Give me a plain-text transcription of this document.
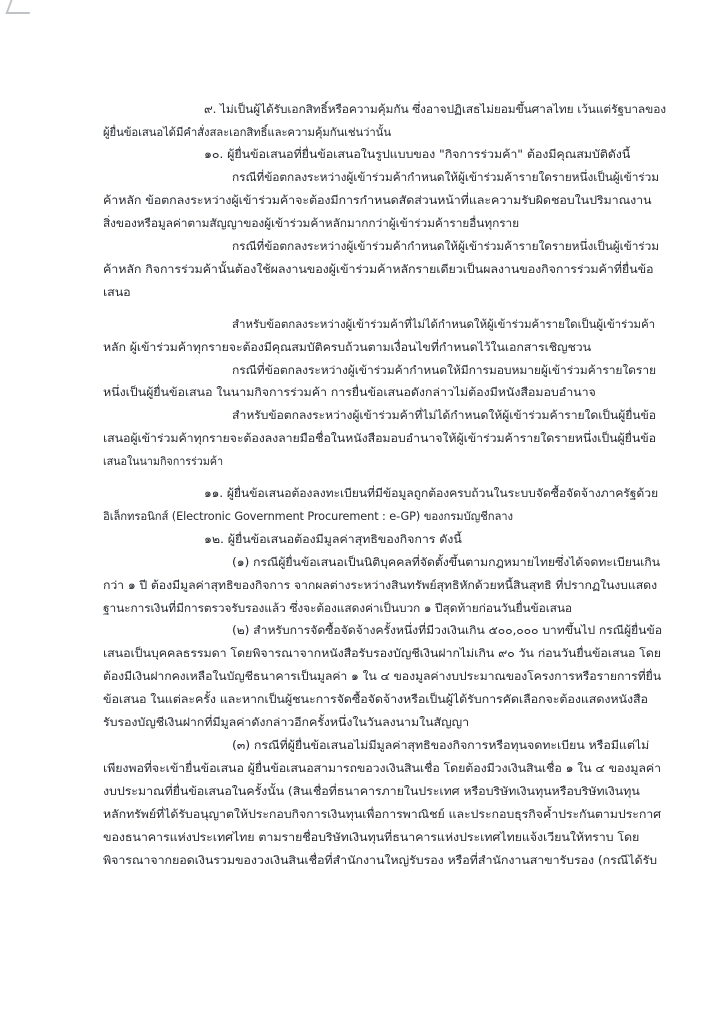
๙. ไม่เป็นผู้ได้รับเอกสิทธิ์หรือความคุ้มกัน ซึ่งอาจปฏิเสธไม่ยอมขึ้นศาลไทย เว้นแต่รัฐบาลของ
ผู้ยื่นข้อเสนอได้มีคำสั่งสละเอกสิทธิ์และความคุ้มกันเช่นว่านั้น
๑๐. ผู้ยื่นข้อเสนอที่ยื่นข้อเสนอในรูปแบบของ "กิจการร่วมค้า" ต้องมีคุณสมบัติดังนี้
กรณีที่ข้อตกลงระหว่างผู้เข้าร่วมค้ากำหนดให้ผู้เข้าร่วมค้ารายใดรายหนึ่งเป็นผู้เข้าร่วม
ค้าหลัก ข้อตกลงระหว่างผู้เข้าร่วมค้าจะต้องมีการกำหนดสัดส่วนหน้าที่และความรับผิดชอบในปริมาณงาน
สิ่งของหรือมูลค่าตามสัญญาของผู้เข้าร่วมค้าหลักมากกว่าผู้เข้าร่วมค้ารายอื่นทุกราย
กรณีที่ข้อตกลงระหว่างผู้เข้าร่วมค้ากำหนดให้ผู้เข้าร่วมค้ารายใดรายหนึ่งเป็นผู้เข้าร่วม
ค้าหลัก กิจการร่วมค้านั้นต้องใช้ผลงานของผู้เข้าร่วมค้าหลักรายเดียวเป็นผลงานของกิจการร่วมค้าที่ยื่นข้อ
เสนอ
สำหรับข้อตกลงระหว่างผู้เข้าร่วมค้าที่ไม่ได้กำหนดให้ผู้เข้าร่วมค้ารายใดเป็นผู้เข้าร่วมค้า
หลัก ผู้เข้าร่วมค้าทุกรายจะต้องมีคุณสมบัติครบถ้วนตามเงื่อนไขที่กำหนดไว้ในเอกสารเชิญชวน
กรณีที่ข้อตกลงระหว่างผู้เข้าร่วมค้ากำหนดให้มีการมอบหมายผู้เข้าร่วมค้ารายใดราย
หนึ่งเป็นผู้ยื่นข้อเสนอ ในนามกิจการร่วมค้า การยื่นข้อเสนอดังกล่าวไม่ต้องมีหนังสือมอบอำนาจ
สำหรับข้อตกลงระหว่างผู้เข้าร่วมค้าที่ไม่ได้กำหนดให้ผู้เข้าร่วมค้ารายใดเป็นผู้ยื่นข้อ
เสนอผู้เข้าร่วมค้าทุกรายจะต้องลงลายมือชื่อในหนังสือมอบอำนาจให้ผู้เข้าร่วมค้ารายใดรายหนึ่งเป็นผู้ยื่นข้อ
เสนอในนามกิจการร่วมค้า
๑๑. ผู้ยื่นข้อเสนอต้องลงทะเบียนที่มีข้อมูลถูกต้องครบถ้วนในระบบจัดซื้อจัดจ้างภาครัฐด้วย
อิเล็กทรอนิกส์ (Electronic Government Procurement : e-GP) ของกรมบัญชีกลาง
๑๒. ผู้ยื่นข้อเสนอต้องมีมูลค่าสุทธิของกิจการ ดังนี้
(๑) กรณีผู้ยื่นข้อเสนอเป็นนิติบุคคลที่จัดตั้งขึ้นตามกฎหมายไทยซึ่งได้จดทะเบียนเกิน
กว่า ๑ ปี ต้องมีมูลค่าสุทธิของกิจการ จากผลต่างระหว่างสินทรัพย์สุทธิหักด้วยหนี้สินสุทธิ ที่ปรากฏในงบแสดง
ฐานะการเงินที่มีการตรวจรับรองแล้ว ซึ่งจะต้องแสดงค่าเป็นบวก ๑ ปีสุดท้ายก่อนวันยื่นข้อเสนอ
(๒) สำหรับการจัดซื้อจัดจ้างครั้งหนึ่งที่มีวงเงินเกิน ๕๐๐,๐๐๐ บาทขึ้นไป กรณีผู้ยื่นข้อ
เสนอเป็นบุคคลธรรมดา โดยพิจารณาจากหนังสือรับรองบัญชีเงินฝากไม่เกิน ๙๐ วัน ก่อนวันยื่นข้อเสนอ โดย
ต้องมีเงินฝากคงเหลือในบัญชีธนาคารเป็นมูลค่า ๑ ใน ๔ ของมูลค่างบประมาณของโครงการหรือรายการที่ยื่น
ข้อเสนอ ในแต่ละครั้ง และหากเป็นผู้ชนะการจัดซื้อจัดจ้างหรือเป็นผู้ได้รับการคัดเลือกจะต้องแสดงหนังสือ
รับรองบัญชีเงินฝากที่มีมูลค่าดังกล่าวอีกครั้งหนึ่งในวันลงนามในสัญญา
(๓) กรณีที่ผู้ยื่นข้อเสนอไม่มีมูลค่าสุทธิของกิจการหรือทุนจดทะเบียน หรือมีแต่ไม่
เพียงพอที่จะเข้ายื่นข้อเสนอ ผู้ยื่นข้อเสนอสามารถขอวงเงินสินเชื่อ โดยต้องมีวงเงินสินเชื่อ ๑ ใน ๔ ของมูลค่า
งบประมาณที่ยื่นข้อเสนอในครั้งนั้น (สินเชื่อที่ธนาคารภายในประเทศ หรือบริษัทเงินทุนหรือบริษัทเงินทุน
หลักทรัพย์ที่ได้รับอนุญาตให้ประกอบกิจการเงินทุนเพื่อการพาณิชย์ และประกอบธุรกิจค้ำประกันตามประกาศ
ของธนาคารแห่งประเทศไทย ตามรายชื่อบริษัทเงินทุนที่ธนาคารแห่งประเทศไทยแจ้งเวียนให้ทราบ โดย
พิจารณาจากยอดเงินรวมของวงเงินสินเชื่อที่สำนักงานใหญ่รับรอง หรือที่สำนักงานสาขารับรอง (กรณีได้รับ
